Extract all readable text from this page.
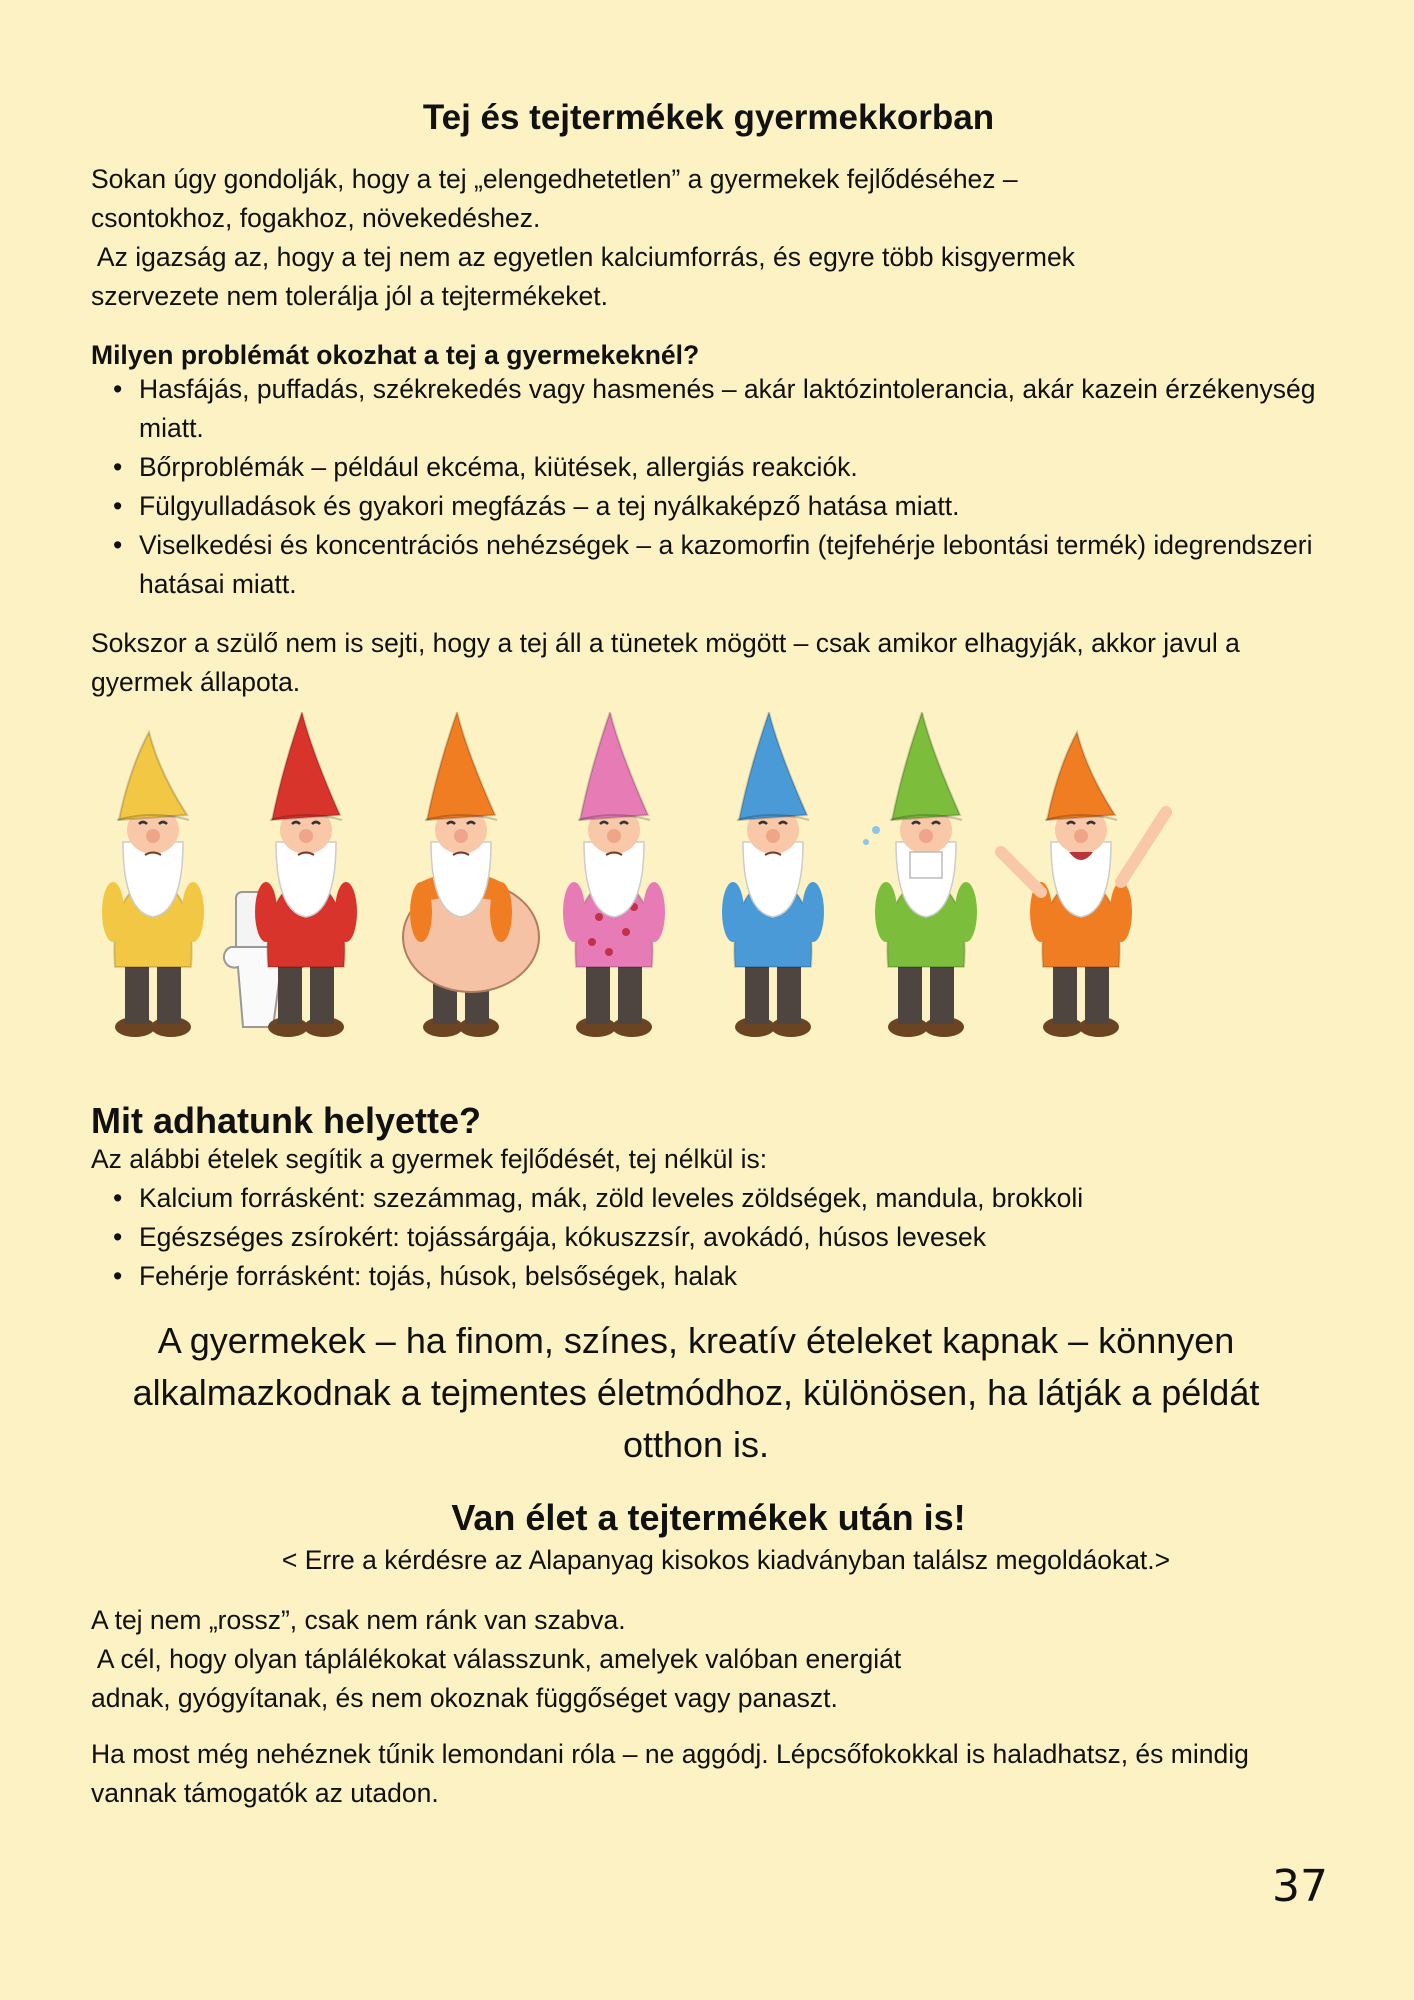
Tej és tejtermékek gyermekkorban
Sokan úgy gondolják, hogy a tej „elengedhetetlen” a gyermekek fejlődéséhez –
csontokhoz, fogakhoz, növekedéshez.
Az igazság az, hogy a tej nem az egyetlen kalciumforrás, és egyre több kisgyermek
szervezete nem tolerálja jól a tejtermékeket.
Milyen problémát okozhat a tej a gyermekeknél?
• Hasfájás, puffadás, székrekedés vagy hasmenés – akár laktózintolerancia, akár kazein érzékenység miatt.
• Bőrproblémák – például ekcéma, kiütések, allergiás reakciók.
• Fülgyulladások és gyakori megfázás – a tej nyálkaképző hatása miatt.
• Viselkedési és koncentrációs nehézségek – a kazomorfin (tejfehérje lebontási termék) idegrendszeri hatásai miatt.

Sokszor a szülő nem is sejti, hogy a tej áll a tünetek mögött – csak amikor elhagyják, akkor javul a gyermek állapota.

Mit adhatunk helyette?

Az alábbi ételek segítik a gyermek fejlődését, tej nélkül is:

• Kalcium forrásként: szezámmag, mák, zöld leveles zöldségek, mandula, brokkoli
• Egészséges zsírokért: tojássárgája, kókuszzsír, avokádó, húsos levesek
• Fehérje forrásként: tojás, húsok, belsőségek, halak
A gyermekek – ha finom, színes, kreatív ételeket kapnak – könnyen
alkalmazkodnak a tejmentes életmódhoz, különösen, ha látják a példát
otthon is.
Van élet a tejtermékek után is!

< Erre a kérdésre az Alapanyag kisokos kiadványban találsz megoldáokat.>

A tej nem „rossz”, csak nem ránk van szabva.
A cél, hogy olyan táplálékokat válasszunk, amelyek valóban energiát
adnak, gyógyítanak, és nem okoznak függőséget vagy panaszt.

Ha most még nehéznek tűnik lemondani róla – ne aggódj. Lépcsőfokokkal is haladhatsz, és mindig vannak támogatók az utadon.

37
